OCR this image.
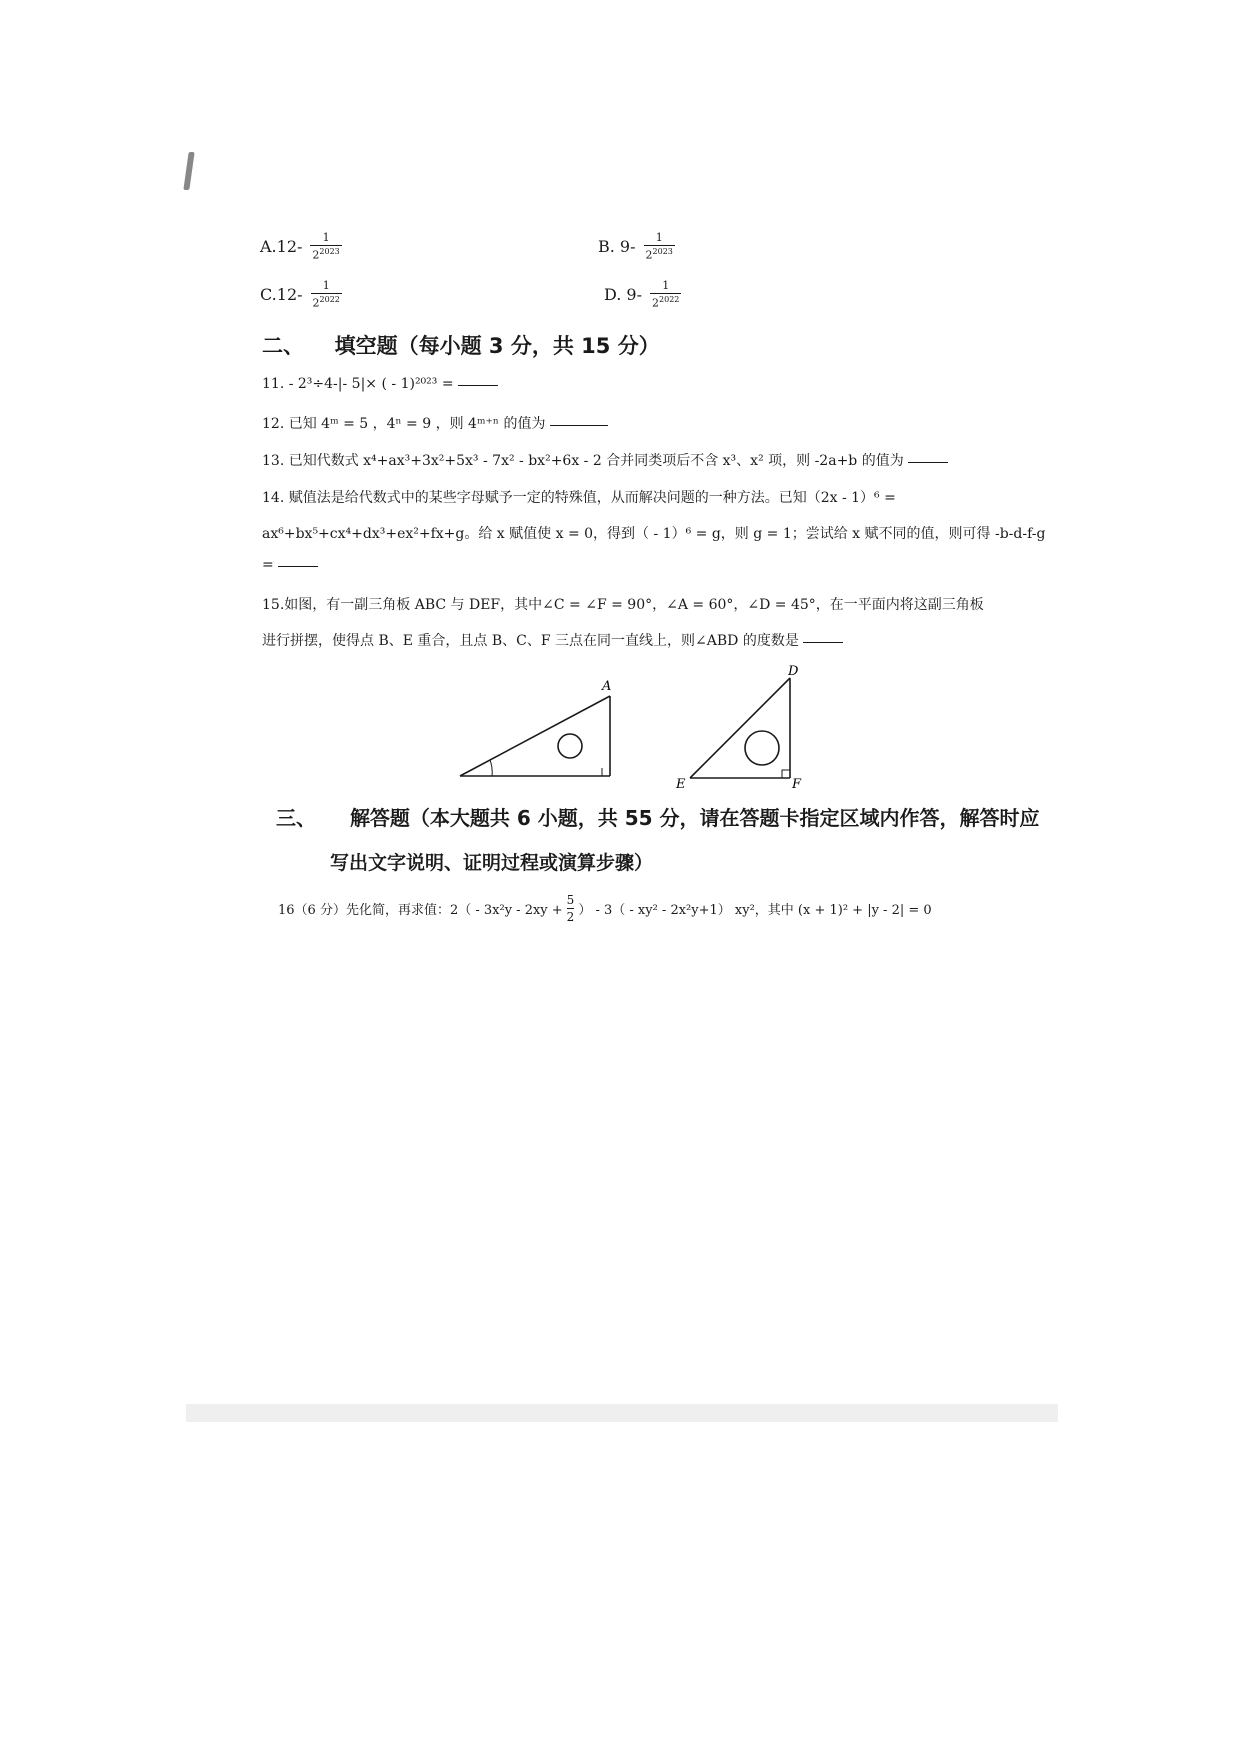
$A.12- \frac{1}{2^{2023}}$	B. $9- \frac{1}{2^{2023}}$
$C.12- \frac{1}{2^{2022}}$	D. $9- \frac{1}{2^{2022}}$
二、 填空题（每小题 3 分，共 15 分）
11. - 2³÷4-|- 5|× ( - 1)²⁰²³ =
12. 已知 4ᵐ = 5 ，4ⁿ = 9 ，则 4ᵐ⁺ⁿ 的值为
13. 已知代数式 x⁴+ax³+3x²+5x³ - 7x² - bx²+6x - 2 合并同类项后不含 x³、x² 项，则 -2a+b 的值为
14. 赋值法是给代数式中的某些字母赋予一定的特殊值，从而解决问题的一种方法。已知（2x - 1）⁶ =
ax⁶+bx⁵+cx⁴+dx³+ex²+fx+g。给 x 赋值使 x = 0，得到（ - 1）⁶ = g，则 g = 1；尝试给 x 赋不同的值，则可得 -b-d-f-g
=
15.如图，有一副三角板 ABC 与 DEF，其中∠C = ∠F = 90°，∠A = 60°，∠D = 45°，在一平面内将这副三角板
进行拼摆，使得点 B、E 重合，且点 B、C、F 三点在同一直线上，则∠ABD 的度数是
A
D
E	F
三、 解答题（本大题共 6 小题，共 55 分，请在答题卡指定区域内作答，解答时应
写出文字说明、证明过程或演算步骤）
16（6 分）先化简，再求值：$2( - 3x^2y - 2xy + \frac{5}{2}$ ） - 3（ - xy² - 2x²y+1） xy²，其中 (x + 1)² + |y - 2| = 0
